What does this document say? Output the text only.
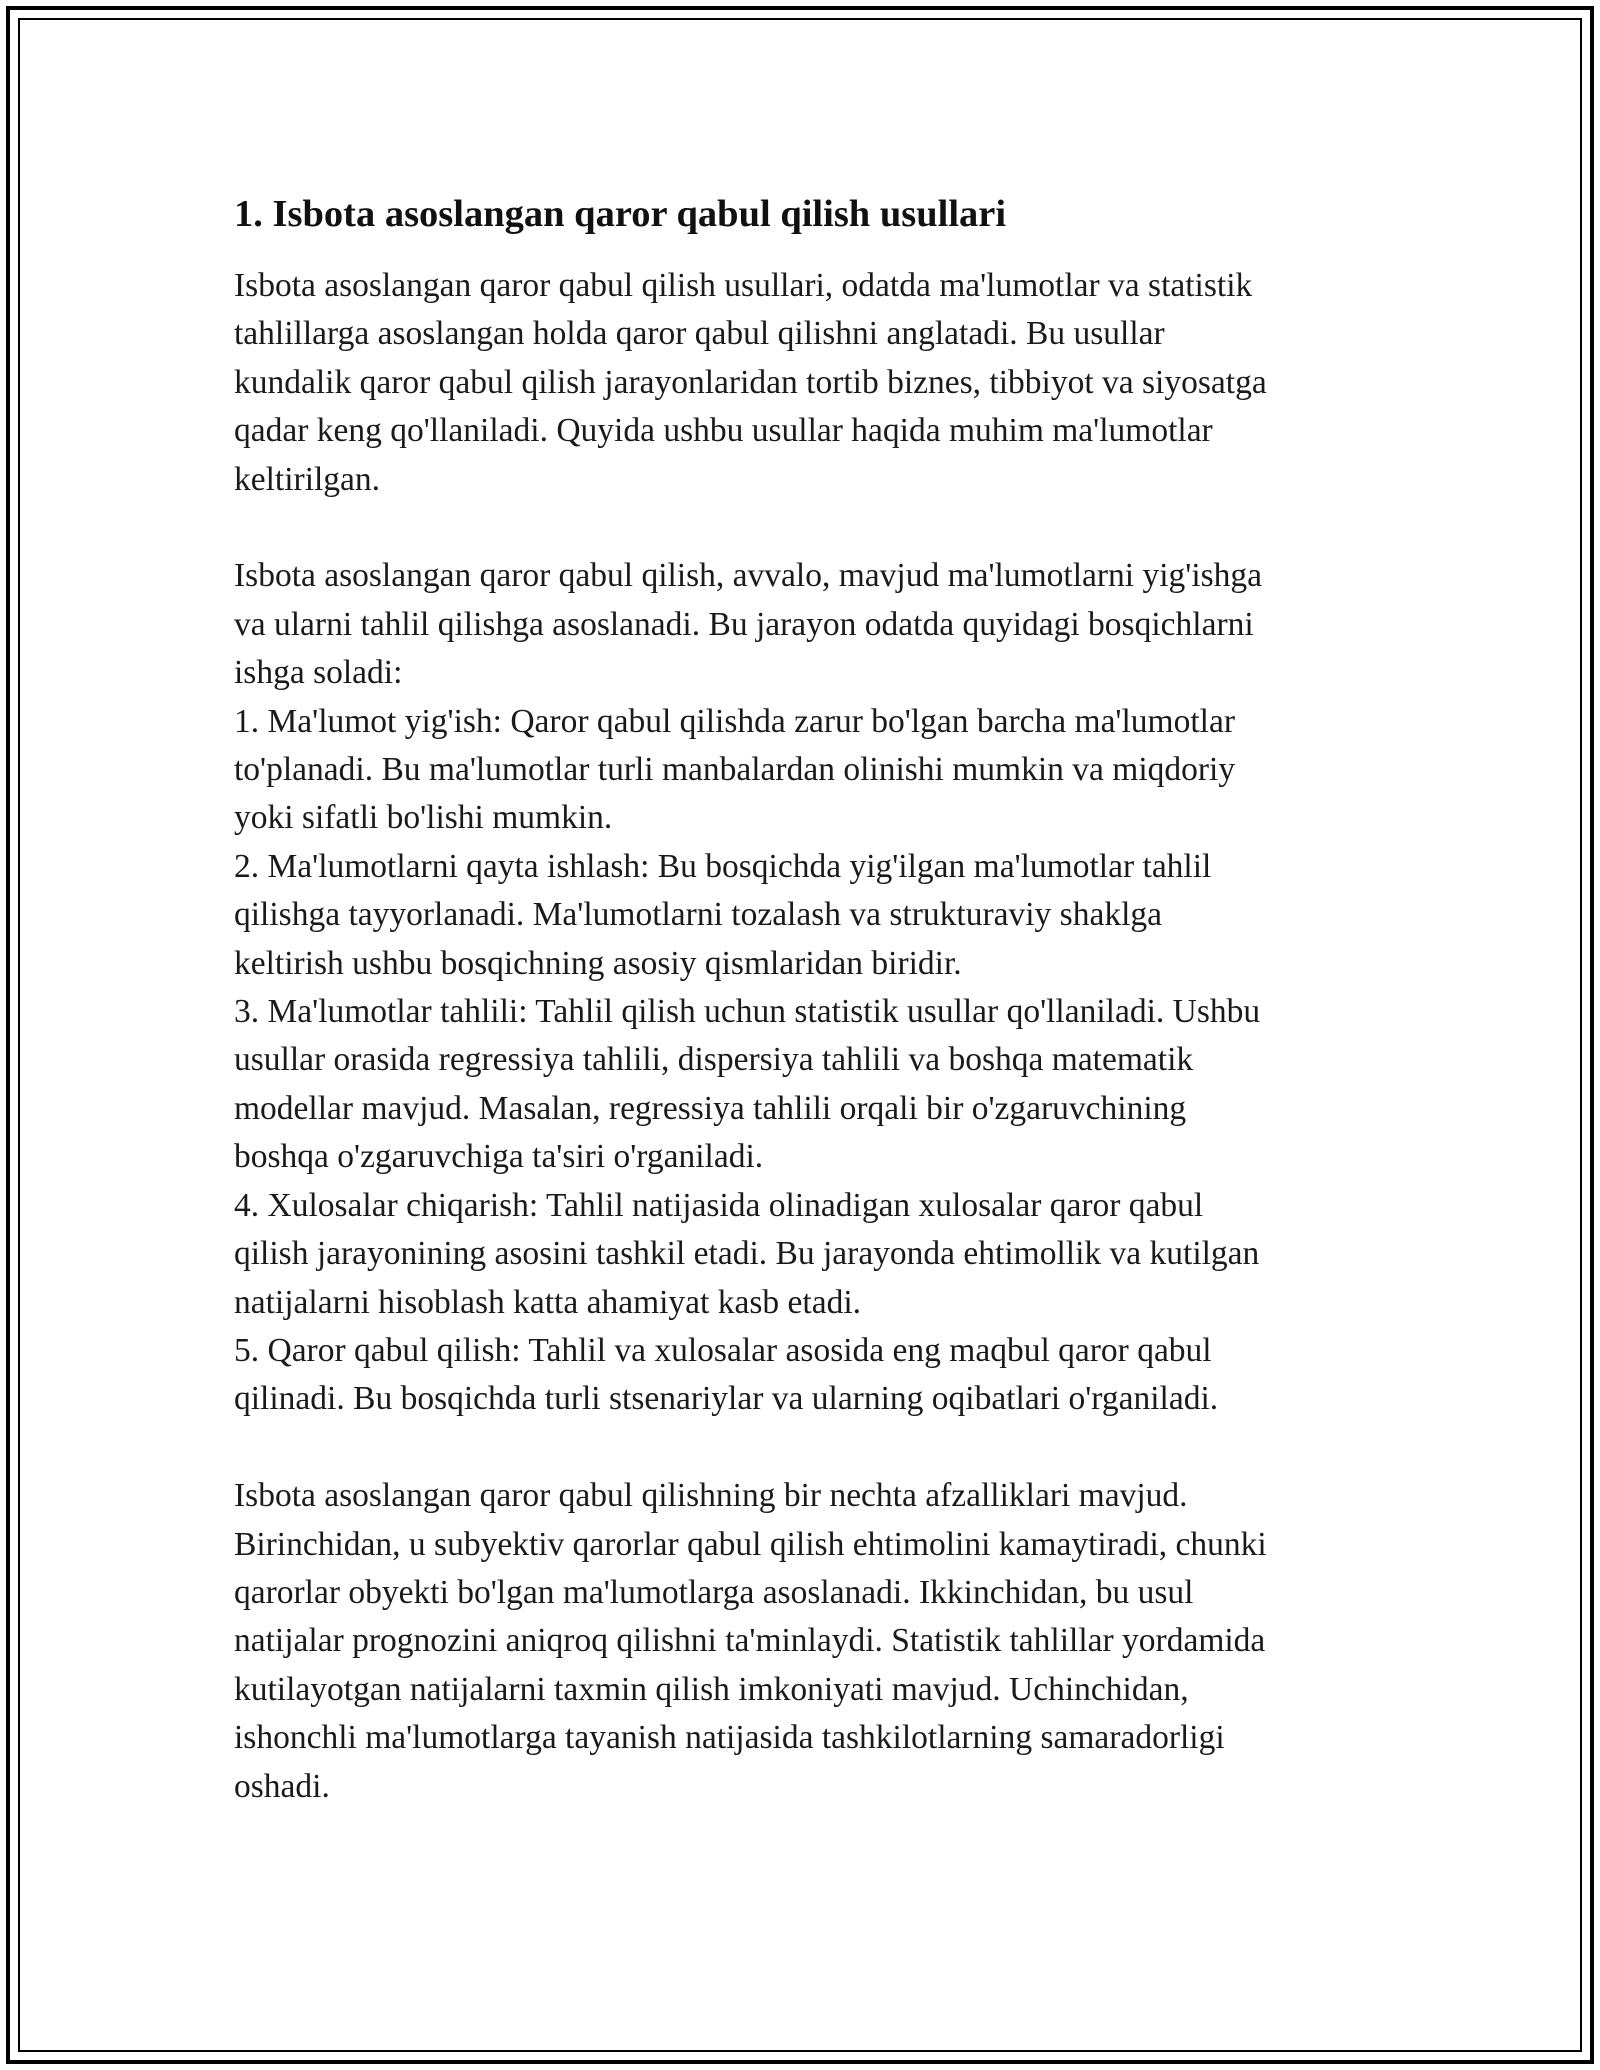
1. Isbota asoslangan qaror qabul qilish usullari

Isbota asoslangan qaror qabul qilish usullari, odatda ma'lumotlar va statistik
tahlillarga asoslangan holda qaror qabul qilishni anglatadi. Bu usullar
kundalik qaror qabul qilish jarayonlaridan tortib biznes, tibbiyot va siyosatga
qadar keng qo'llaniladi. Quyida ushbu usullar haqida muhim ma'lumotlar
keltirilgan.

Isbota asoslangan qaror qabul qilish, avvalo, mavjud ma'lumotlarni yig'ishga
va ularni tahlil qilishga asoslanadi. Bu jarayon odatda quyidagi bosqichlarni
ishga soladi:
1. Ma'lumot yig'ish: Qaror qabul qilishda zarur bo'lgan barcha ma'lumotlar
to'planadi. Bu ma'lumotlar turli manbalardan olinishi mumkin va miqdoriy
yoki sifatli bo'lishi mumkin.
2. Ma'lumotlarni qayta ishlash: Bu bosqichda yig'ilgan ma'lumotlar tahlil
qilishga tayyorlanadi. Ma'lumotlarni tozalash va strukturaviy shaklga
keltirish ushbu bosqichning asosiy qismlaridan biridir.
3. Ma'lumotlar tahlili: Tahlil qilish uchun statistik usullar qo'llaniladi. Ushbu
usullar orasida regressiya tahlili, dispersiya tahlili va boshqa matematik
modellar mavjud. Masalan, regressiya tahlili orqali bir o'zgaruvchining
boshqa o'zgaruvchiga ta'siri o'rganiladi.
4. Xulosalar chiqarish: Tahlil natijasida olinadigan xulosalar qaror qabul
qilish jarayonining asosini tashkil etadi. Bu jarayonda ehtimollik va kutilgan
natijalarni hisoblash katta ahamiyat kasb etadi.
5. Qaror qabul qilish: Tahlil va xulosalar asosida eng maqbul qaror qabul
qilinadi. Bu bosqichda turli stsenariylar va ularning oqibatlari o'rganiladi.

Isbota asoslangan qaror qabul qilishning bir nechta afzalliklari mavjud.
Birinchidan, u subyektiv qarorlar qabul qilish ehtimolini kamaytiradi, chunki
qarorlar obyekti bo'lgan ma'lumotlarga asoslanadi. Ikkinchidan, bu usul
natijalar prognozini aniqroq qilishni ta'minlaydi. Statistik tahlillar yordamida
kutilayotgan natijalarni taxmin qilish imkoniyati mavjud. Uchinchidan,
ishonchli ma'lumotlarga tayanish natijasida tashkilotlarning samaradorligi
oshadi.
